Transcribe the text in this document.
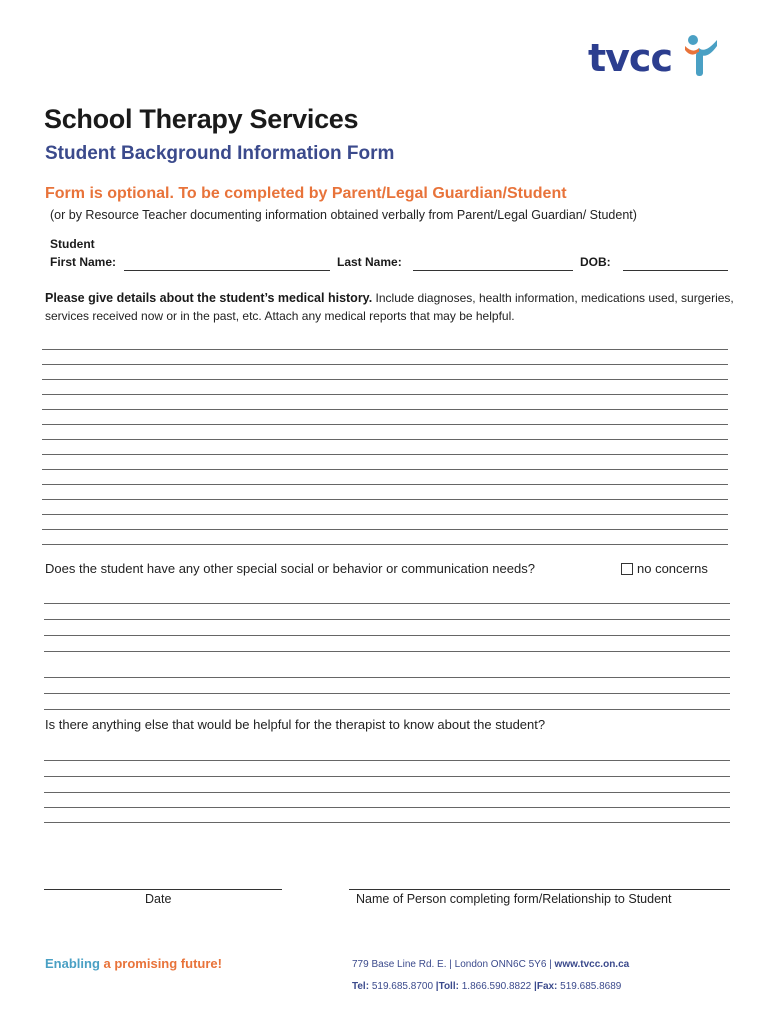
tvcc
School Therapy Services
Student Background Information Form
Form is optional. To be completed by Parent/Legal Guardian/Student
(or by Resource Teacher documenting information obtained verbally from Parent/Legal Guardian/ Student)
Student
First Name:	Last Name:	DOB:
Please give details about the student’s medical history. Include diagnoses, health information, medications used, surgeries, services received now or in the past, etc. Attach any medical reports that may be helpful.
Does the student have any other special social or behavior or communication needs?	no concerns
Is there anything else that would be helpful for the therapist to know about the student?
Date	Name of Person completing form/Relationship to Student
Enabling a promising future!	779 Base Line Rd. E. | London ONN6C 5Y6 | www.tvcc.on.ca
Tel: 519.685.8700 |Toll: 1.866.590.8822 |Fax: 519.685.8689
